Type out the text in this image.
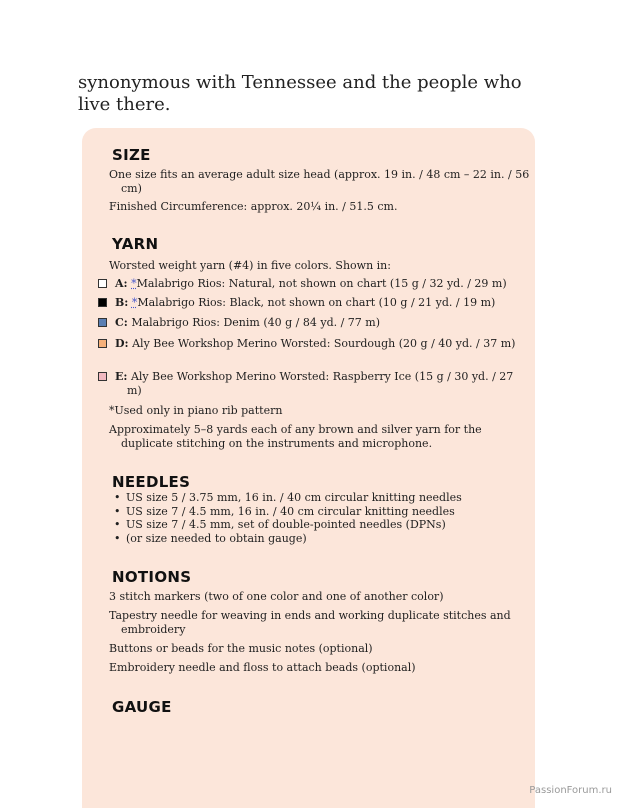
synonymous with Tennessee and the people who live there.
SIZE
One size fits an average adult size head (approx. 19 in. / 48 cm – 22 in. / 56 cm)
Finished Circumference: approx. 20¼ in. / 51.5 cm.
YARN
Worsted weight yarn (#4) in five colors. Shown in:
A: *Malabrigo Rios: Natural, not shown on chart (15 g / 32 yd. / 29 m)
B: *Malabrigo Rios: Black, not shown on chart (10 g / 21 yd. / 19 m)
C: Malabrigo Rios: Denim (40 g / 84 yd. / 77 m)
D: Aly Bee Workshop Merino Worsted: Sourdough (20 g / 40 yd. / 37 m)
E: Aly Bee Workshop Merino Worsted: Raspberry Ice (15 g / 30 yd. / 27 m)
*Used only in piano rib pattern
Approximately 5–8 yards each of any brown and silver yarn for the duplicate stitching on the instruments and microphone.
NEEDLES
• US size 5 / 3.75 mm, 16 in. / 40 cm circular knitting needles
• US size 7 / 4.5 mm, 16 in. / 40 cm circular knitting needles
• US size 7 / 4.5 mm, set of double-pointed needles (DPNs)
• (or size needed to obtain gauge)
NOTIONS
3 stitch markers (two of one color and one of another color)
Tapestry needle for weaving in ends and working duplicate stitches and embroidery
Buttons or beads for the music notes (optional)
Embroidery needle and floss to attach beads (optional)
GAUGE
PassionForum.ru
